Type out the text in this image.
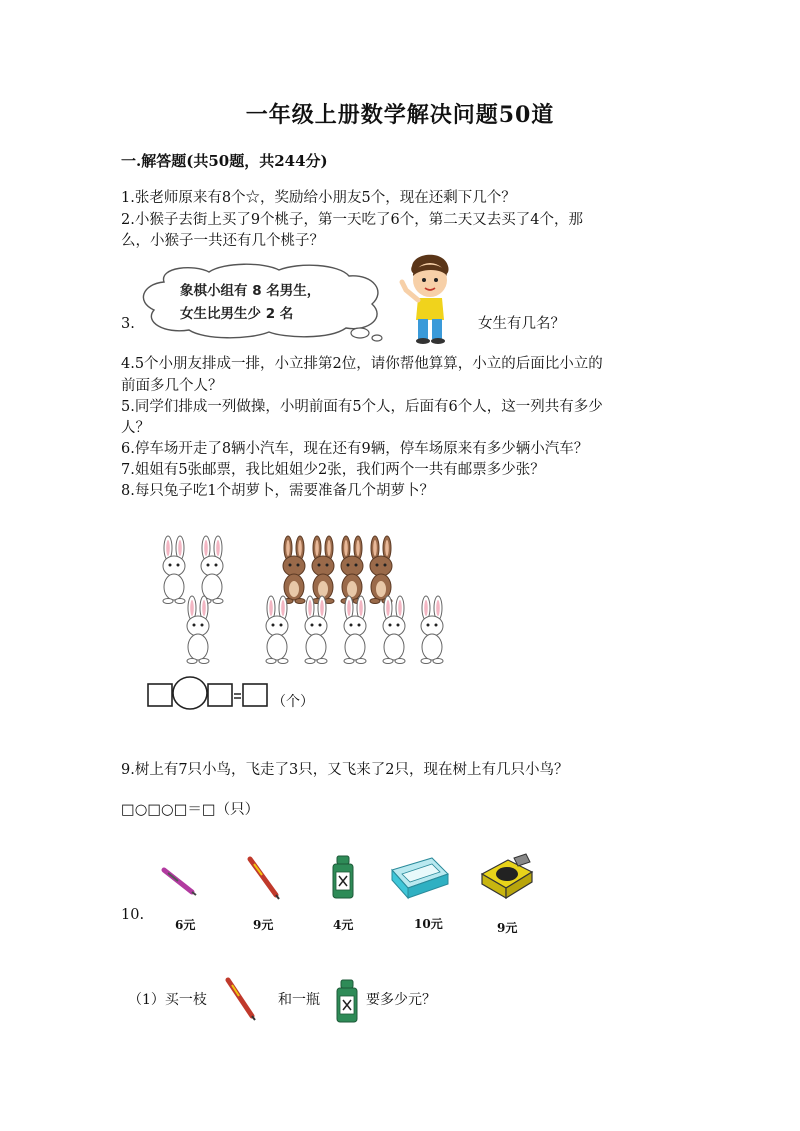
一年级上册数学解决问题50道
一.解答题(共50题，共244分)
1.张老师原来有8个☆，奖励给小朋友5个，现在还剩下几个？
2.小猴子去街上买了9个桃子，第一天吃了6个，第二天又去买了4个，那
么，小猴子一共还有几个桃子？
3.
象棋小组有 8 名男生，
女生比男生少 2 名
女生有几名？
4.5个小朋友排成一排，小立排第2位，请你帮他算算，小立的后面比小立的
前面多几个人？
5.同学们排成一列做操，小明前面有5个人，后面有6个人，这一列共有多少
人？
6.停车场开走了8辆小汽车，现在还有9辆，停车场原来有多少辆小汽车？
7.姐姐有5张邮票，我比姐姐少2张，我们两个一共有邮票多少张？
8.每只兔子吃1个胡萝卜，需要准备几个胡萝卜？
（个）
9.树上有7只小鸟，飞走了3只，又飞来了2只，现在树上有几只小鸟？
□○□○□＝□（只）
10.
6元	9元	4元	10元	9元
（1）买一枝	和一瓶	要多少元？
